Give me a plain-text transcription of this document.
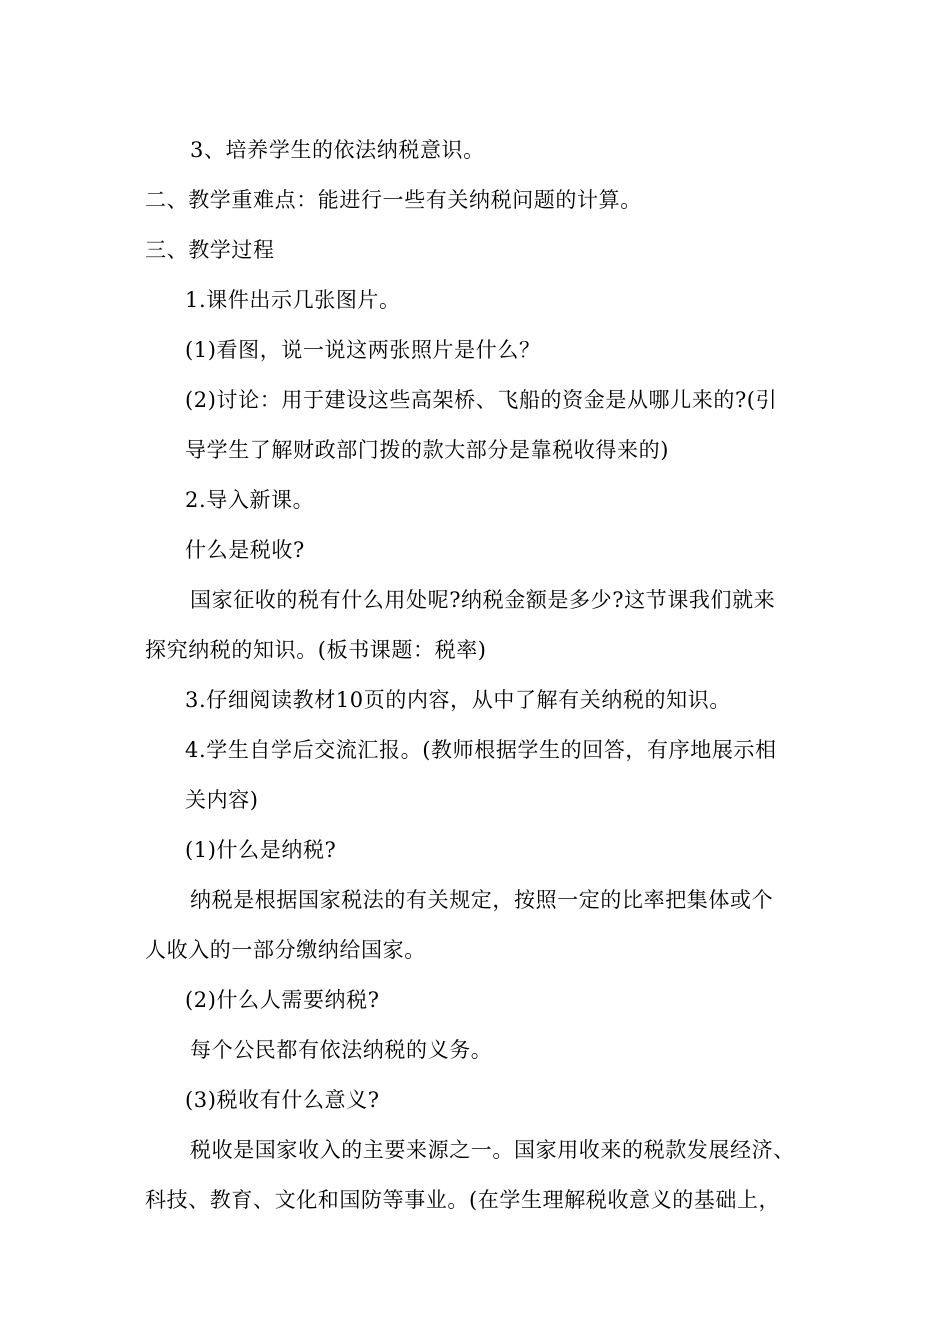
3、培养学生的依法纳税意识。
二、教学重难点：能进行一些有关纳税问题的计算。
三、教学过程
1.课件出示几张图片。
(1)看图，说一说这两张照片是什么？
(2)讨论：用于建设这些高架桥、飞船的资金是从哪儿来的?(引
导学生了解财政部门拨的款大部分是靠税收得来的)
2.导入新课。
什么是税收?
国家征收的税有什么用处呢?纳税金额是多少?这节课我们就来
探究纳税的知识。(板书课题：税率)
3.仔细阅读教材10页的内容，从中了解有关纳税的知识。
4.学生自学后交流汇报。(教师根据学生的回答，有序地展示相
关内容)
(1)什么是纳税?
纳税是根据国家税法的有关规定，按照一定的比率把集体或个
人收入的一部分缴纳给国家。
(2)什么人需要纳税?
每个公民都有依法纳税的义务。
(3)税收有什么意义?
税收是国家收入的主要来源之一。国家用收来的税款发展经济、
科技、教育、文化和国防等事业。(在学生理解税收意义的基础上，
